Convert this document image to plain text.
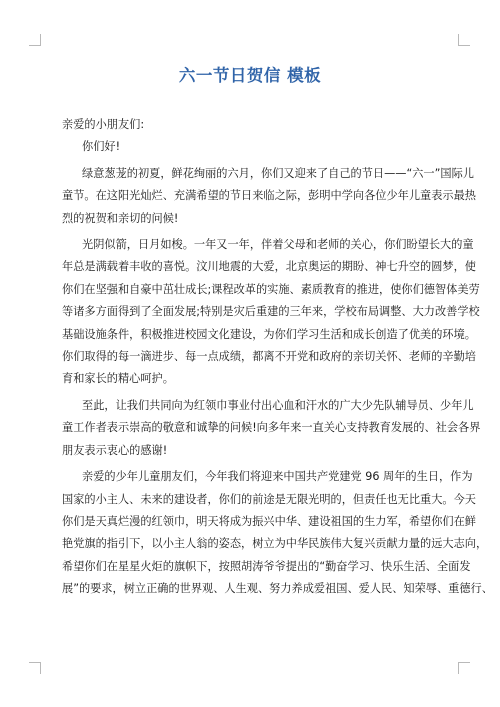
六一节日贺信 模板

亲爱的小朋友们:

你们好!

绿意葱茏的初夏，鲜花绚丽的六月，你们又迎来了自己的节日——“六一”国际儿

童节。在这阳光灿烂、充满希望的节日来临之际，彭明中学向各位少年儿童表示最热

烈的祝贺和亲切的问候!

光阴似箭，日月如梭。一年又一年，伴着父母和老师的关心，你们盼望长大的童

年总是满载着丰收的喜悦。汶川地震的大爱，北京奥运的期盼、神七升空的圆梦，使

你们在坚强和自豪中茁壮成长;课程改革的实施、素质教育的推进，使你们德智体美劳

等诸多方面得到了全面发展;特别是灾后重建的三年来，学校布局调整、大力改善学校

基础设施条件，积极推进校园文化建设，为你们学习生活和成长创造了优美的环境。

你们取得的每一滴进步、每一点成绩，都离不开党和政府的亲切关怀、老师的辛勤培

育和家长的精心呵护。

至此，让我们共同向为红领巾事业付出心血和汗水的广大少先队辅导员、少年儿

童工作者表示崇高的敬意和诚挚的问候!向多年来一直关心支持教育发展的、社会各界

朋友表示衷心的感谢!

亲爱的少年儿童朋友们，今年我们将迎来中国共产党建党 96 周年的生日，作为

国家的小主人、未来的建设者，你们的前途是无限光明的，但责任也无比重大。今天

你们是天真烂漫的红领巾，明天将成为振兴中华、建设祖国的生力军，希望你们在鲜

艳党旗的指引下，以小主人翁的姿态，树立为中华民族伟大复兴贡献力量的远大志向，

希望你们在星星火炬的旗帜下，按照胡涛爷爷提出的“勤奋学习、快乐生活、全面发

展”的要求，树立正确的世界观、人生观、努力养成爱祖国、爱人民、知荣辱、重德行、
